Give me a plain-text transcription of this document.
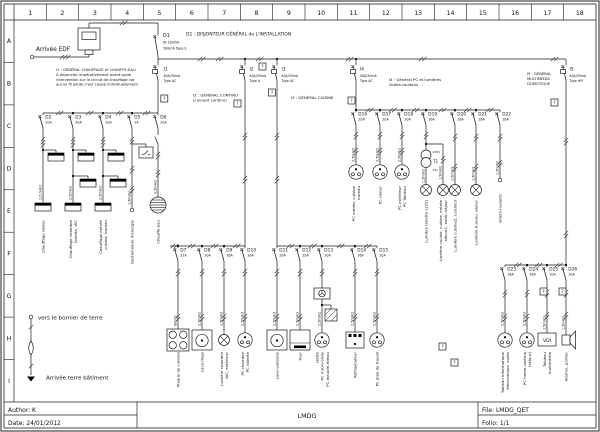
Author: K
Date: 24/01/2012
LMDG
File: LMDG_QET
Folio: 1/1
1	2	3	4	5	6	7	8	9	10	11	12	13	14	15	16	17	18
A
B
C
D
E
F
G
H
I
Arrivée EDF
D1
IN 10/45A
500mA Type S
D1 : DISJONTEUR GÉNÉRAL de L'INSTALLATION
I1
40A/30mA
Type AC
I1 : GÉNÉRAL CHAUFFAGE et CHAUFFE-EAU
À disjoncter impérativement avant toute
intervention sur le circuit de chauffage car
aucun fil pilote n'est coupé individuellement
D2
20A
2,5 mm2
Chauffage séjour
D3
20A
2,5mm2
Chauffage chambre toilette, WC
D4
20A
2,5mm2
Chauffage entrée cuisine, bureau
D5
2A
1,5mm2
Gestionnaire d'énergie
D6
20A
2,5mm2
Chauffe-eau
I2
40A/30mA
Type A
I2 : GÉNÉRAL CONTINU
(courant continu)
D7
32A
6mm2
Plaque de cuisson
D8
20A
2,5mm2
Lave-linge
D9
16A
1,5mm2
Lumière chambre WC, extérieur
D10
16A
2,5mm2
PC chambre PC toilette
I3
40A/30mA
Type AC
I3 : GÉNÉRAL CUISINE
D11
20A
2,5mm2
Lave-vaisselle
D12
20A
2,5mm2
Four
D13
20A
2,5mm2
Hotte PC micro-onde PC meuble-rideau
D14
16A
2,5mm2
Réfrigérateur
D15
20A
2,5mm2
PC plan de travail
I4
40A/30mA
Type AC	I4 : Général PC et lumières
Volets-roulants
D16
20A
2,5mm2
PC entrée, cuisine bureau
D17
20A
2,5mm2
PC séjour
D18
20A
2,5mm2
PC extérieur PC Tableau
D19
16A
1,5mm2
Lumière couloir, cuisine, entrée séjour1, extér.-séjour
230V
T1
12v
1,5mm2
Lumière toilette (12V)
D20
16A
1,5mm2
Lumière cuisine2, cuisine3
D21
16A
1,5mm2
Lumière bureau, séjour
D22
16A
1,5mm2
Volets-roulants
I5
40A/30mA
Type HPI
I5 : GÉNÉRAL
MULTIMÉDIA
DOMOTIQUE
D23
16A
2,5mm2
Tableau informatique électronique, audio
D24
16A
2,5mm2
PC home-cinéma (séjour)
D25
10A
1,5mm2
VDI
Tableau multimédia
D26
10A
1,5mm2
Alarme, portier
?
?
?
?
?	?
?
?
?	?
vers le bornier de terre
Arrivée terre bâtiment
